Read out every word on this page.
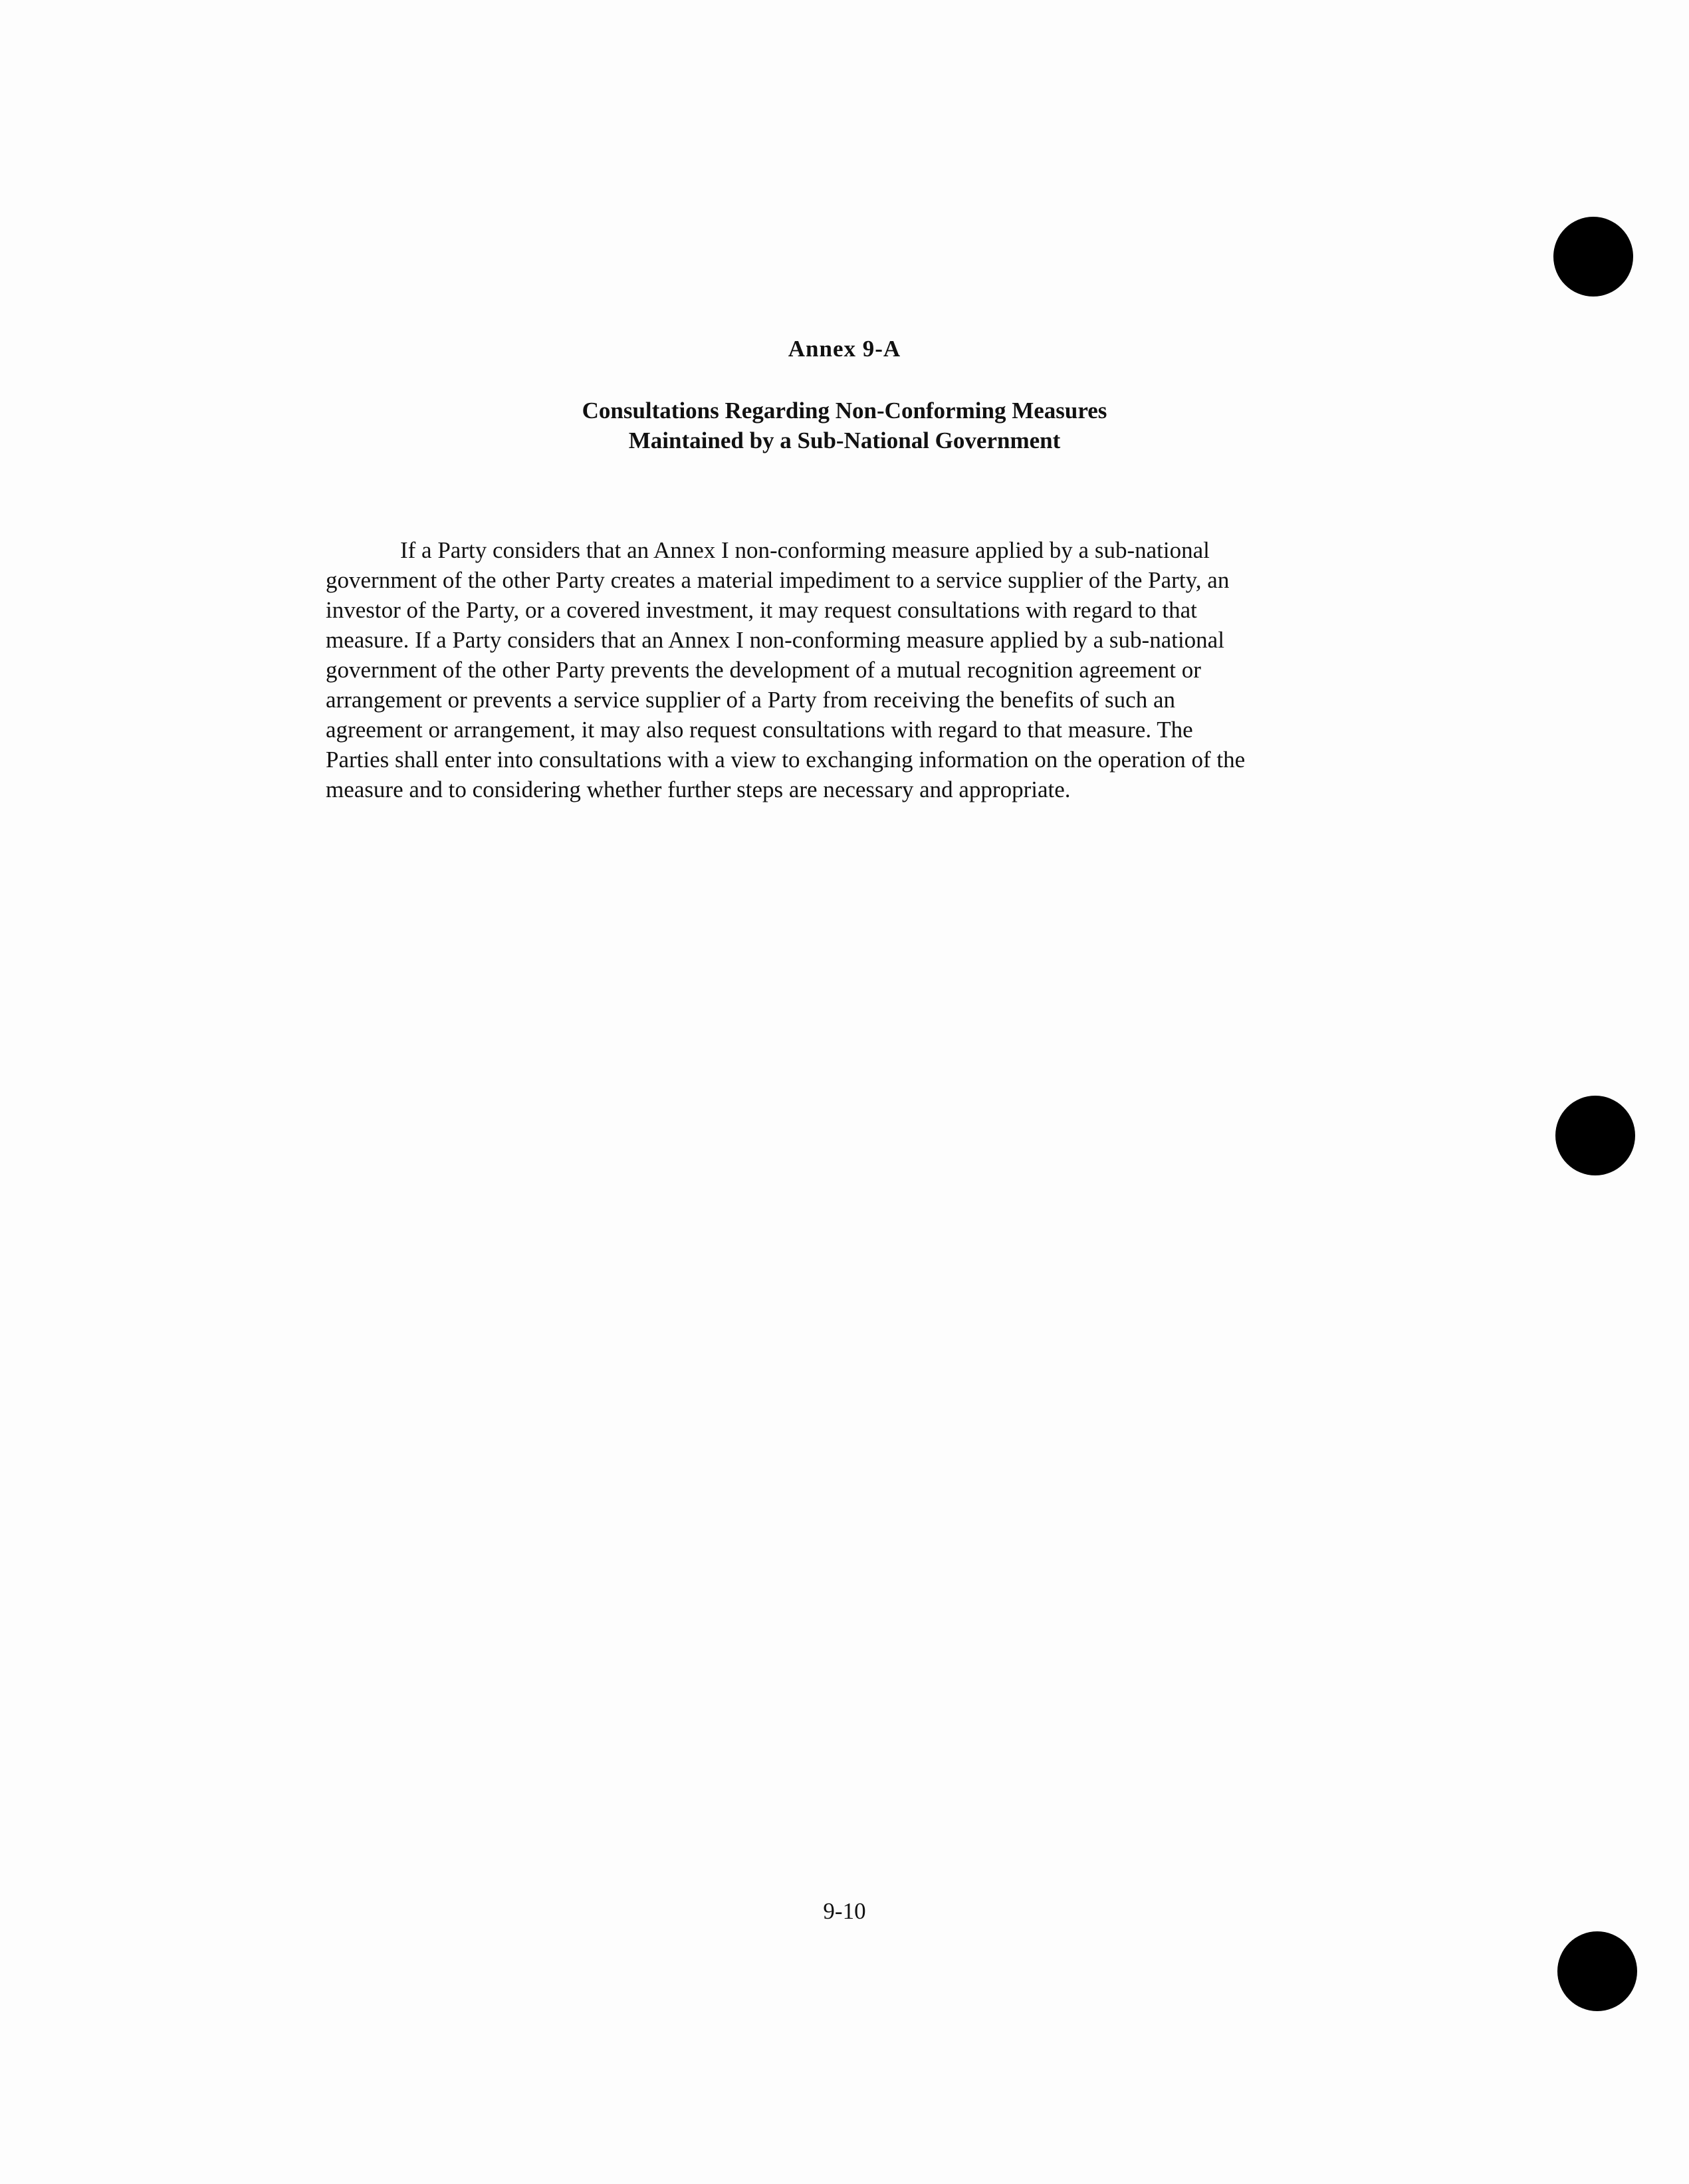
Annex 9-A
Consultations Regarding Non-Conforming Measures
Maintained by a Sub-National Government
If a Party considers that an Annex I non-conforming measure applied by a sub-national
government of the other Party creates a material impediment to a service supplier of the Party, an
investor of the Party, or a covered investment, it may request consultations with regard to that
measure. If a Party considers that an Annex I non-conforming measure applied by a sub-national
government of the other Party prevents the development of a mutual recognition agreement or
arrangement or prevents a service supplier of a Party from receiving the benefits of such an
agreement or arrangement, it may also request consultations with regard to that measure. The
Parties shall enter into consultations with a view to exchanging information on the operation of the
measure and to considering whether further steps are necessary and appropriate.
9-10
